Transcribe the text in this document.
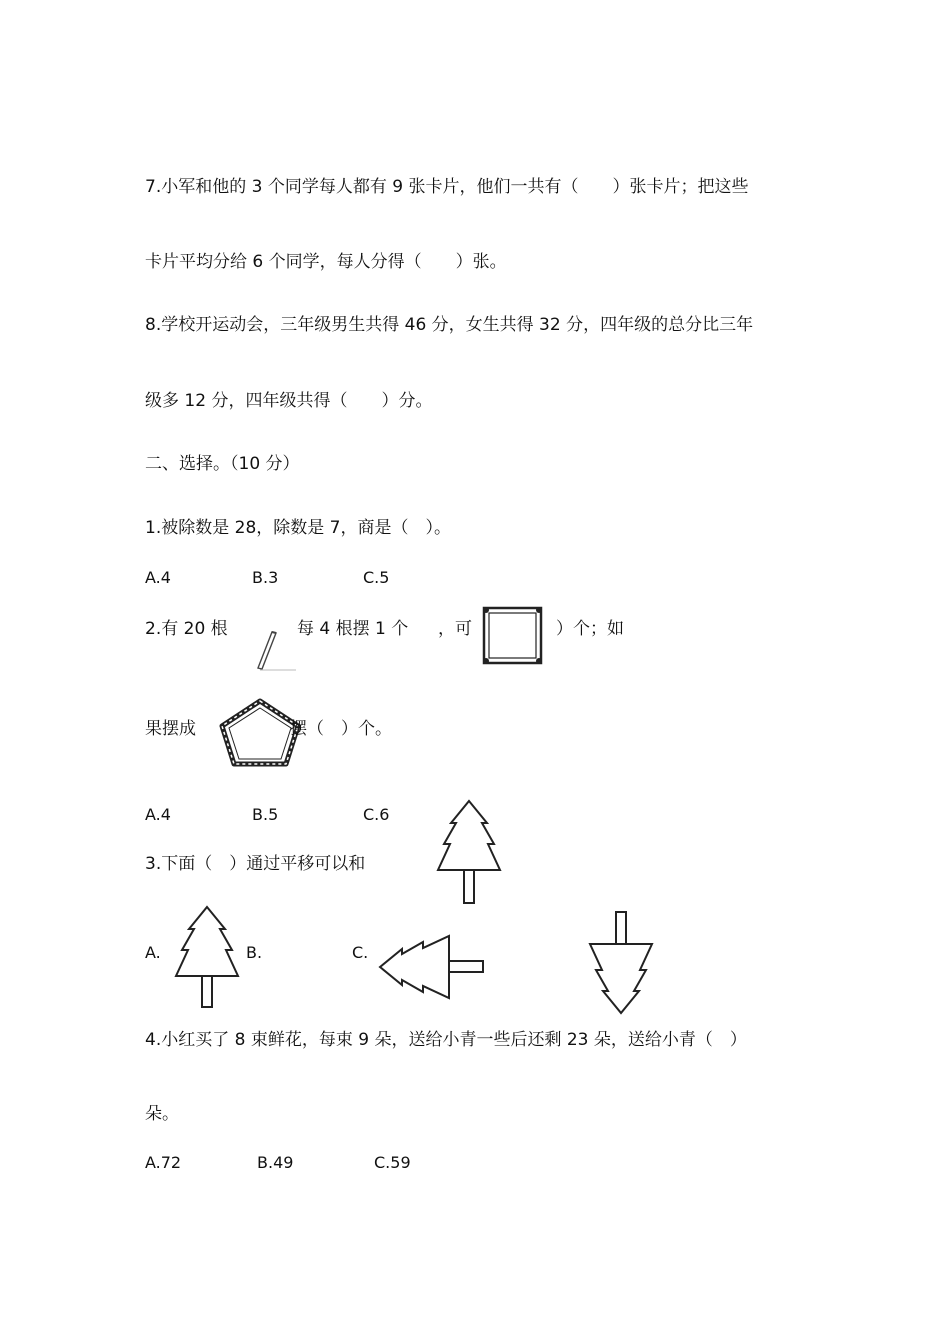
7.小军和他的 3 个同学每人都有 9 张卡片，他们一共有（　　）张卡片；把这些

卡片平均分给 6 个同学，每人分得（　　）张。

8.学校开运动会，三年级男生共得 46 分，女生共得 32 分，四年级的总分比三年

级多 12 分，四年级共得（　　）分。

二、选择。（10 分）

1.被除数是 28，除数是 7，商是（　）。

A.4	B.3	C.5
2.有 20 根	每 4 根摆 1 个 ，可	）个；如
果摆成	摆（　）个。
A.4	B.5	C.6
3.下面（　）通过平移可以和
A.	B.	C.

4.小红买了 8 束鲜花，每束 9 朵，送给小青一些后还剩 23 朵，送给小青（　）

朵。

A.72	B.49	C.59
